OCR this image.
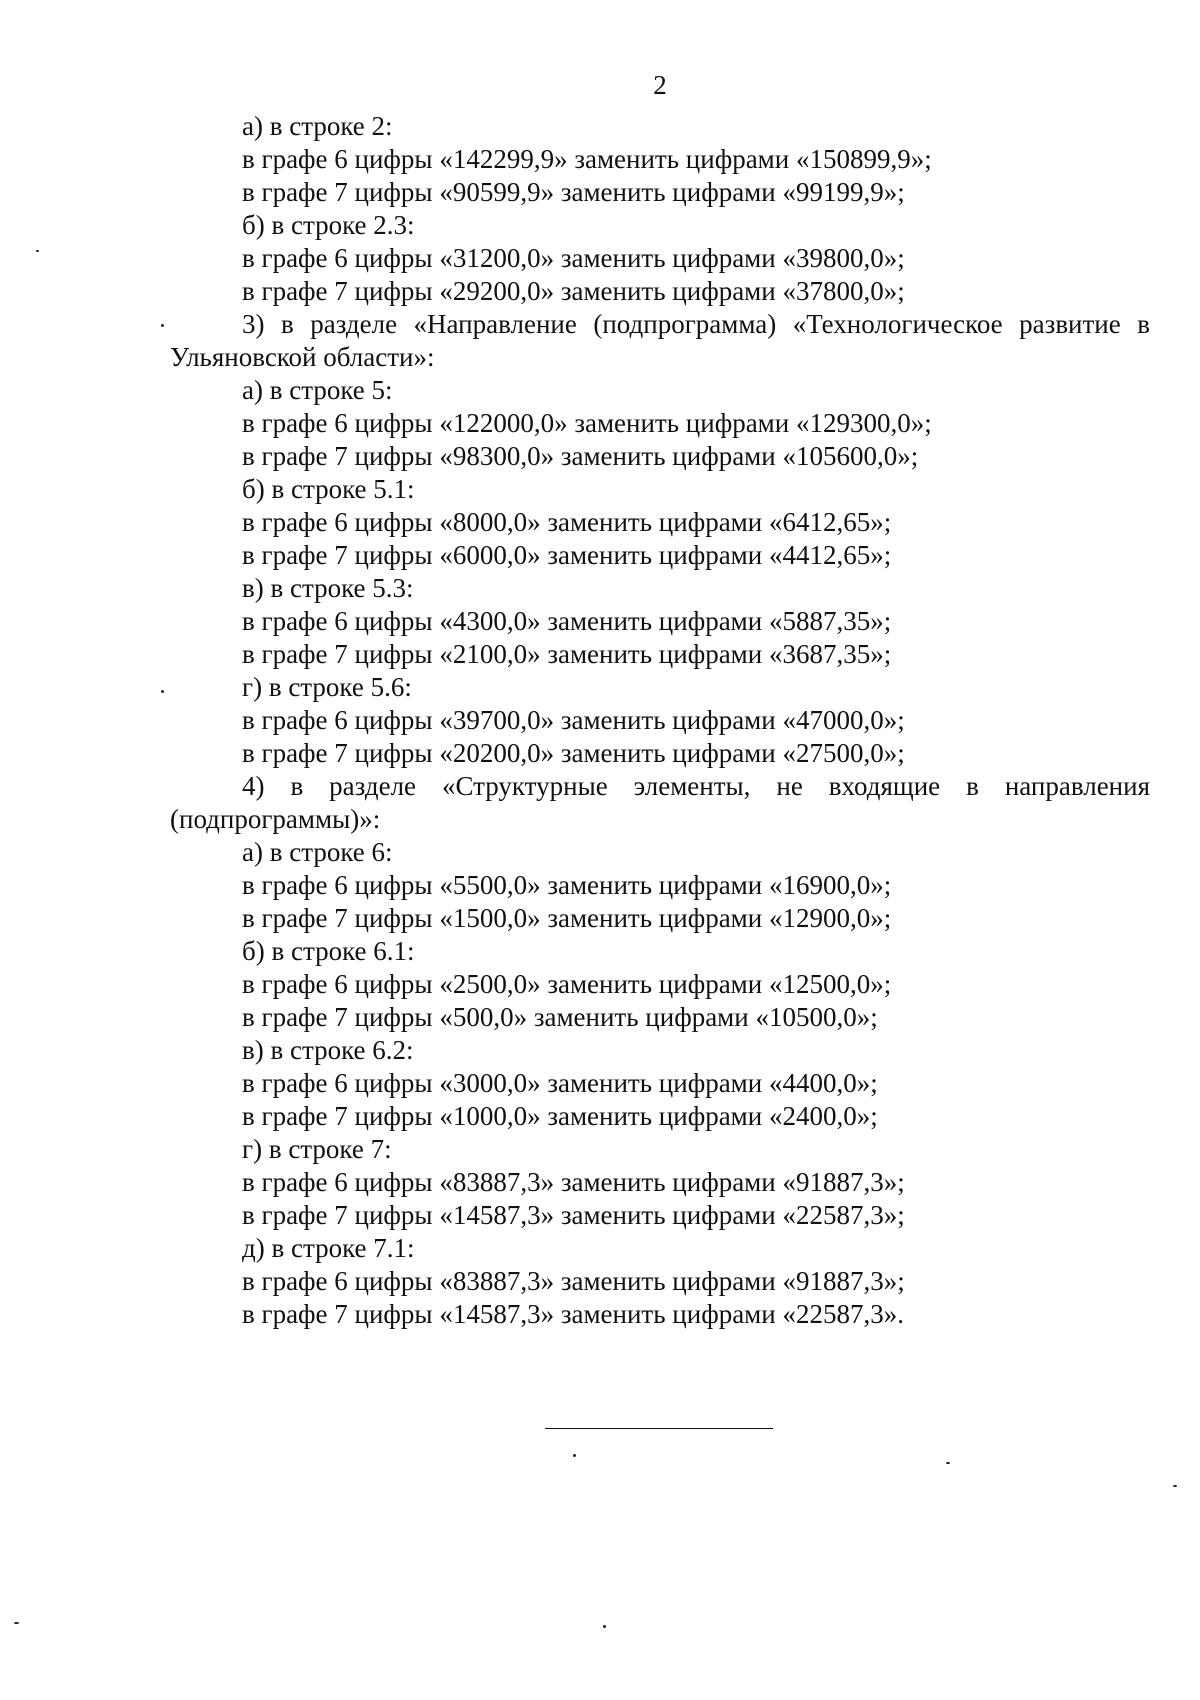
2
а) в строке 2:
в графе 6 цифры «142299,9» заменить цифрами «150899,9»;
в графе 7 цифры «90599,9» заменить цифрами «99199,9»;
б) в строке 2.3:
в графе 6 цифры «31200,0» заменить цифрами «39800,0»;
в графе 7 цифры «29200,0» заменить цифрами «37800,0»;
3) в разделе «Направление (подпрограмма) «Технологическое развитие в Ульяновской области»:
а) в строке 5:
в графе 6 цифры «122000,0» заменить цифрами «129300,0»;
в графе 7 цифры «98300,0» заменить цифрами «105600,0»;
б) в строке 5.1:
в графе 6 цифры «8000,0» заменить цифрами «6412,65»;
в графе 7 цифры «6000,0» заменить цифрами «4412,65»;
в) в строке 5.3:
в графе 6 цифры «4300,0» заменить цифрами «5887,35»;
в графе 7 цифры «2100,0» заменить цифрами «3687,35»;
г) в строке 5.6:
в графе 6 цифры «39700,0» заменить цифрами «47000,0»;
в графе 7 цифры «20200,0» заменить цифрами «27500,0»;
4) в разделе «Структурные элементы, не входящие в направления (подпрограммы)»:
а) в строке 6:
в графе 6 цифры «5500,0» заменить цифрами «16900,0»;
в графе 7 цифры «1500,0» заменить цифрами «12900,0»;
б) в строке 6.1:
в графе 6 цифры «2500,0» заменить цифрами «12500,0»;
в графе 7 цифры «500,0» заменить цифрами «10500,0»;
в) в строке 6.2:
в графе 6 цифры «3000,0» заменить цифрами «4400,0»;
в графе 7 цифры «1000,0» заменить цифрами «2400,0»;
г) в строке 7:
в графе 6 цифры «83887,3» заменить цифрами «91887,3»;
в графе 7 цифры «14587,3» заменить цифрами «22587,3»;
д) в строке 7.1:
в графе 6 цифры «83887,3» заменить цифрами «91887,3»;
в графе 7 цифры «14587,3» заменить цифрами «22587,3».
